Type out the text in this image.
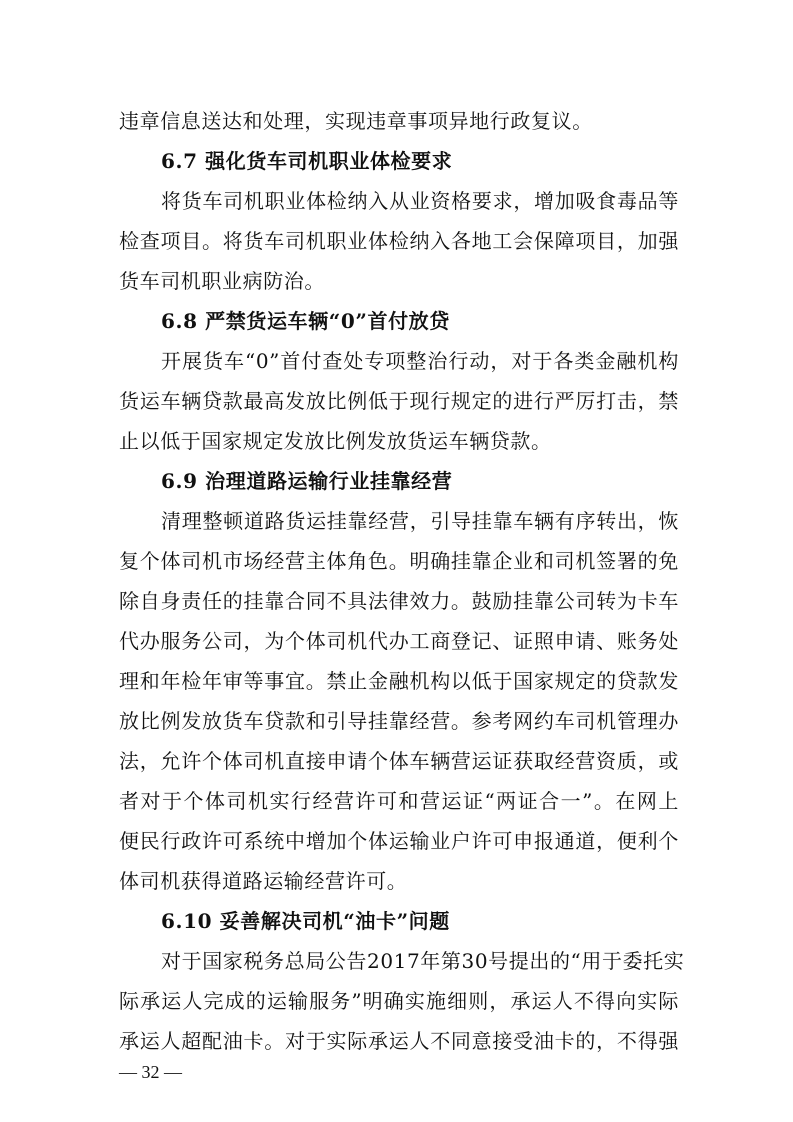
违章信息送达和处理，实现违章事项异地行政复议。
6.7 强化货车司机职业体检要求
将货车司机职业体检纳入从业资格要求，增加吸食毒品等
检查项目。将货车司机职业体检纳入各地工会保障项目，加强
货车司机职业病防治。
6.8 严禁货运车辆“0”首付放贷
开展货车“0”首付查处专项整治行动，对于各类金融机构
货运车辆贷款最高发放比例低于现行规定的进行严厉打击，禁
止以低于国家规定发放比例发放货运车辆贷款。
6.9 治理道路运输行业挂靠经营
清理整顿道路货运挂靠经营，引导挂靠车辆有序转出，恢
复个体司机市场经营主体角色。明确挂靠企业和司机签署的免
除自身责任的挂靠合同不具法律效力。鼓励挂靠公司转为卡车
代办服务公司，为个体司机代办工商登记、证照申请、账务处
理和年检年审等事宜。禁止金融机构以低于国家规定的贷款发
放比例发放货车贷款和引导挂靠经营。参考网约车司机管理办
法，允许个体司机直接申请个体车辆营运证获取经营资质，或
者对于个体司机实行经营许可和营运证“两证合一”。在网上
便民行政许可系统中增加个体运输业户许可申报通道，便利个
体司机获得道路运输经营许可。
6.10 妥善解决司机“油卡”问题
对于国家税务总局公告2017年第30号提出的“用于委托实
际承运人完成的运输服务”明确实施细则，承运人不得向实际
承运人超配油卡。对于实际承运人不同意接受油卡的，不得强
— 32 —
